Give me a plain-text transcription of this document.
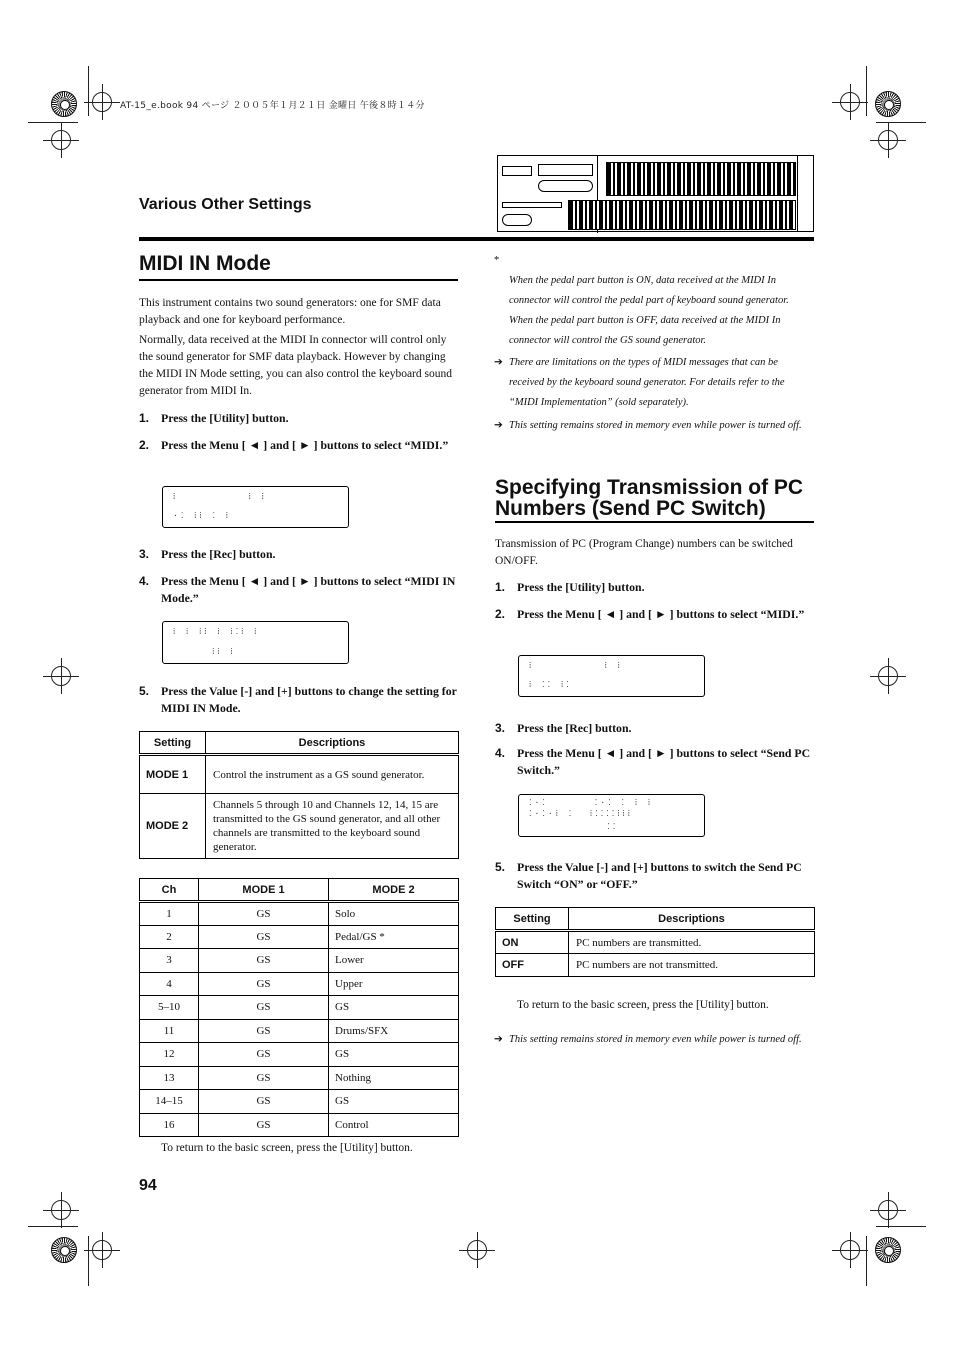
AT-15_e.book 94 ページ ２００５年１月２１日 金曜日 午後８時１４分
Various Other Settings
MIDI IN Mode
This instrument contains two sound generators: one for SMF data playback and one for keyboard performance.
Normally, data received at the MIDI In connector will control only the sound generator for SMF data playback. However by changing the MIDI IN Mode setting, you can also control the keyboard sound generator from MIDI In.
1. Press the [Utility] button.
2. Press the Menu [ ◄ ] and [ ► ] buttons to select “MIDI.”
⁞         ⁞ ⁞
·⁚ ⁞⁞ ⁚ ⁞
3. Press the [Rec] button.
4. Press the Menu [ ◄ ] and [ ► ] buttons to select “MIDI IN Mode.”
⁞ ⁞ ⁞⁞ ⁞ ⁞⁚⁞ ⁞
⁞⁞ ⁞
5. Press the Value [-] and [+] buttons to change the setting for MIDI IN Mode.
Setting	Descriptions
MODE 1	Control the instrument as a GS sound generator.
MODE 2	Channels 5 through 10 and Channels 12, 14, 15 are transmitted to the GS sound generator, and all other channels are transmitted to the keyboard sound generator.
Ch	MODE 1	MODE 2
1	GS	Solo
2	GS	Pedal/GS *
3	GS	Lower
4	GS	Upper
5–10	GS	GS
11	GS	Drums/SFX
12	GS	GS
13	GS	Nothing
14–15	GS	GS
16	GS	Control
To return to the basic screen, press the [Utility] button.
94

*
When the pedal part button is ON, data received at the MIDI In connector will control the pedal part of keyboard sound generator.
When the pedal part button is OFF, data received at the MIDI In connector will control the GS sound generator.

➔ There are limitations on the types of MIDI messages that can be received by the keyboard sound generator. For details refer to the “MIDI Implementation” (sold separately).
➔ This setting remains stored in memory even while power is turned off.
Specifying Transmission of PC Numbers (Send PC Switch)
Transmission of PC (Program Change) numbers can be switched ON/OFF.
1. Press the [Utility] button.
2. Press the Menu [ ◄ ] and [ ► ] buttons to select “MIDI.”
⁞         ⁞ ⁞
⁞ ⁚⁚ ⁞⁚
3. Press the [Rec] button.
4. Press the Menu [ ◄ ] and [ ► ] buttons to select “Send PC Switch.”
⁚·⁚      ⁚·⁚ ⁚ ⁞ ⁞
⁚·⁚·⁞ ⁚  ⁞⁚⁚⁚⁚⁞⁞⁞
⁚⁚
5. Press the Value [-] and [+] buttons to switch the Send PC Switch “ON” or “OFF.”
Setting	Descriptions
ON	PC numbers are transmitted.
OFF	PC numbers are not transmitted.
To return to the basic screen, press the [Utility] button.
➔ This setting remains stored in memory even while power is turned off.
